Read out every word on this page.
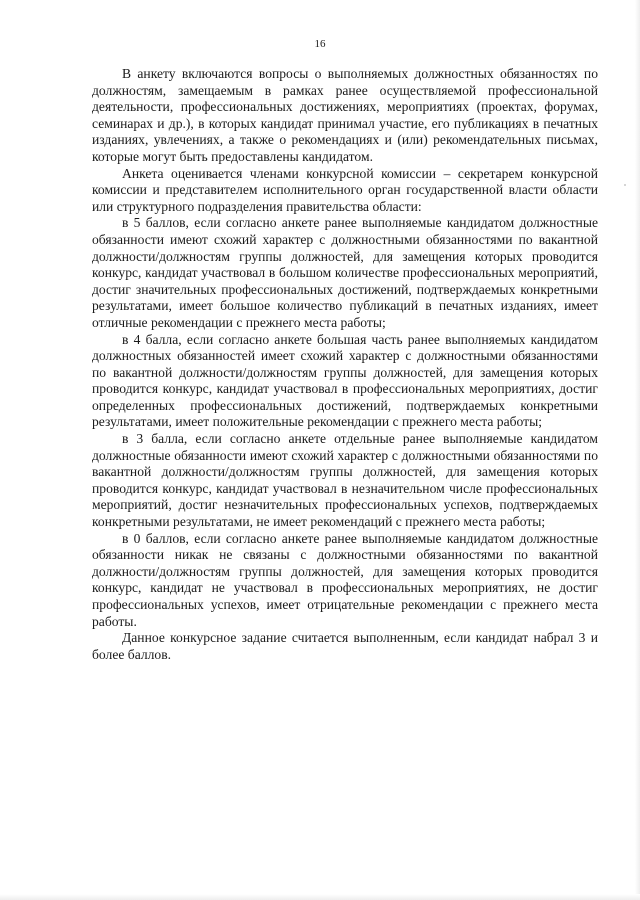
16

В анкету включаются вопросы о выполняемых должностных обязанностях по должностям, замещаемым в рамках ранее осуществляемой профессиональной деятельности, профессиональных достижениях, мероприятиях (проектах, форумах, семинарах и др.), в которых кандидат принимал участие, его публикациях в печатных изданиях, увлечениях, а также о рекомендациях и (или) рекомендательных письмах, которые могут быть предоставлены кандидатом.

Анкета оценивается членами конкурсной комиссии – секретарем конкурсной комиссии и представителем исполнительного орган государственной власти области или структурного подразделения правительства области:

в 5 баллов, если согласно анкете ранее выполняемые кандидатом должностные обязанности имеют схожий характер с должностными обязанностями по вакантной должности/должностям группы должностей, для замещения которых проводится конкурс, кандидат участвовал в большом количестве профессиональных мероприятий, достиг значительных профессиональных достижений, подтверждаемых конкретными результатами, имеет большое количество публикаций в печатных изданиях, имеет отличные рекомендации с прежнего места работы;

в 4 балла, если согласно анкете большая часть ранее выполняемых кандидатом должностных обязанностей имеет схожий характер с должностными обязанностями по вакантной должности/должностям группы должностей, для замещения которых проводится конкурс, кандидат участвовал в профессиональных мероприятиях, достиг определенных профессиональных достижений, подтверждаемых конкретными результатами, имеет положительные рекомендации с прежнего места работы;

в 3 балла, если согласно анкете отдельные ранее выполняемые кандидатом должностные обязанности имеют схожий характер с должностными обязанностями по вакантной должности/должностям группы должностей, для замещения которых проводится конкурс, кандидат участвовал в незначительном числе профессиональных мероприятий, достиг незначительных профессиональных успехов, подтверждаемых конкретными результатами, не имеет рекомендаций с прежнего места работы;

в 0 баллов, если согласно анкете ранее выполняемые кандидатом должностные обязанности никак не связаны с должностными обязанностями по вакантной должности/должностям группы должностей, для замещения которых проводится конкурс, кандидат не участвовал в профессиональных мероприятиях, не достиг профессиональных успехов, имеет отрицательные рекомендации с прежнего места работы.

Данное конкурсное задание считается выполненным, если кандидат набрал 3 и более баллов.
